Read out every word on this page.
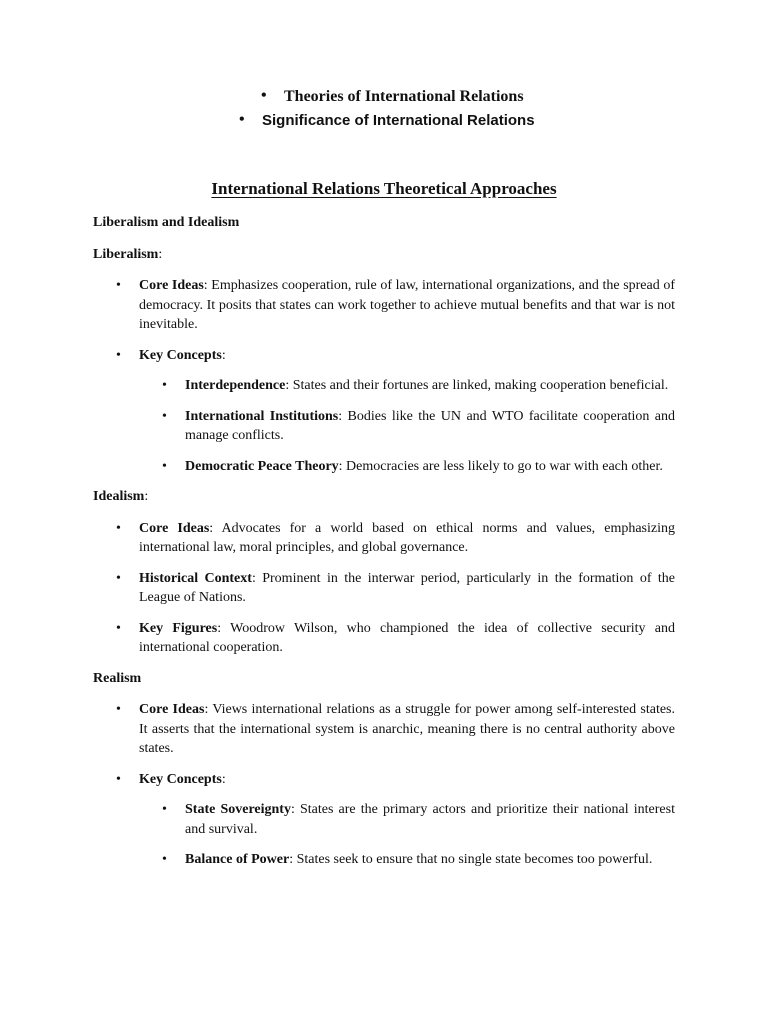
• Theories of International Relations
• Significance of International Relations
International Relations Theoretical Approaches
Liberalism and Idealism
Liberalism:
• Core Ideas: Emphasizes cooperation, rule of law, international organizations, and the spread of democracy. It posits that states can work together to achieve mutual benefits and that war is not inevitable.
• Key Concepts:
• Interdependence: States and their fortunes are linked, making cooperation beneficial.
• International Institutions: Bodies like the UN and WTO facilitate cooperation and manage conflicts.
• Democratic Peace Theory: Democracies are less likely to go to war with each other.
Idealism:
• Core Ideas: Advocates for a world based on ethical norms and values, emphasizing international law, moral principles, and global governance.
• Historical Context: Prominent in the interwar period, particularly in the formation of the League of Nations.
• Key Figures: Woodrow Wilson, who championed the idea of collective security and international cooperation.
Realism
• Core Ideas: Views international relations as a struggle for power among self-interested states. It asserts that the international system is anarchic, meaning there is no central authority above states.
• Key Concepts:
• State Sovereignty: States are the primary actors and prioritize their national interest and survival.
• Balance of Power: States seek to ensure that no single state becomes too powerful.
